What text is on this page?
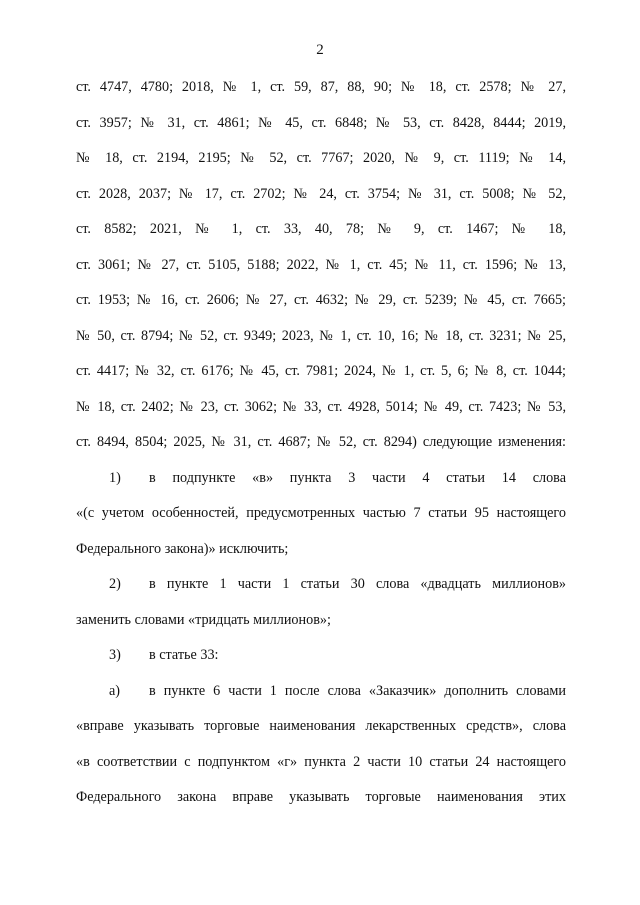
2
ст. 4747, 4780; 2018, № 1, ст. 59, 87, 88, 90; № 18, ст. 2578; № 27,
ст. 3957; № 31, ст. 4861; № 45, ст. 6848; № 53, ст. 8428, 8444; 2019,
№ 18, ст. 2194, 2195; № 52, ст. 7767; 2020, № 9, ст. 1119; № 14,
ст. 2028, 2037; № 17, ст. 2702; № 24, ст. 3754; № 31, ст. 5008; № 52,
ст. 8582; 2021, № 1, ст. 33, 40, 78; № 9, ст. 1467; № 18,
ст. 3061; № 27, ст. 5105, 5188; 2022, № 1, ст. 45; № 11, ст. 1596; № 13,
ст. 1953; № 16, ст. 2606; № 27, ст. 4632; № 29, ст. 5239; № 45, ст. 7665;
№ 50, ст. 8794; № 52, ст. 9349; 2023, № 1, ст. 10, 16; № 18, ст. 3231; № 25,
ст. 4417; № 32, ст. 6176; № 45, ст. 7981; 2024, № 1, ст. 5, 6; № 8, ст. 1044;
№ 18, ст. 2402; № 23, ст. 3062; № 33, ст. 4928, 5014; № 49, ст. 7423; № 53,
ст. 8494, 8504; 2025, № 31, ст. 4687; № 52, ст. 8294) следующие изменения:
1) в подпункте «в» пункта 3 части 4 статьи 14 слова
«(с учетом особенностей, предусмотренных частью 7 статьи 95 настоящего
Федерального закона)» исключить;
2) в пункте 1 части 1 статьи 30 слова «двадцать миллионов»
заменить словами «тридцать миллионов»;
3) в статье 33:
а) в пункте 6 части 1 после слова «Заказчик» дополнить словами
«вправе указывать торговые наименования лекарственных средств», слова
«в соответствии с подпунктом «г» пункта 2 части 10 статьи 24 настоящего
Федерального закона вправе указывать торговые наименования этих
